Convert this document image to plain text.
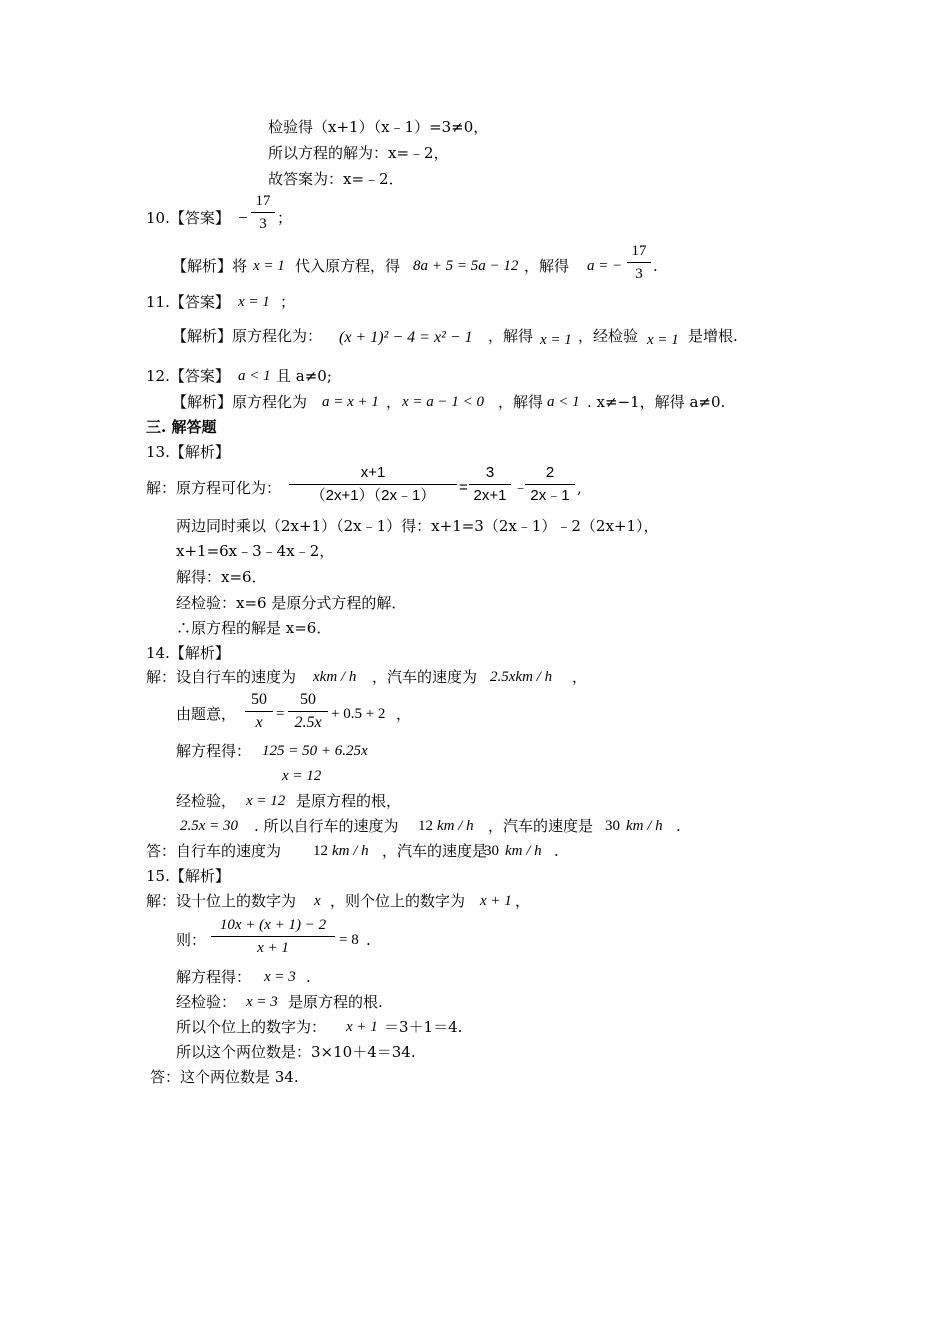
检验得（x+1）（x﹣1）=3≠0，
所以方程的解为：x=﹣2，
故答案为：x=﹣2．
10.【答案】 −
17
3 ；
【解析】将 x = 1 代入原方程，得 8a + 5 = 5a − 12 ，解得 a = −
17
3 .
11.【答案】 x = 1 ；
【解析】原方程化为： (x + 1)² − 4 = x² − 1 ，解得 x = 1 ，经检验 x = 1 是增根.
12.【答案】 a < 1 且 a≠0;
【解析】原方程化为 a = x + 1 ， x = a − 1 < 0 ，解得 a < 1 . x≠−1，解得 a≠0.
三. 解答题
13.【解析】
解：原方程可化为：
x+1
（2x+1）（2x﹣1）	=
3
2x+1 ﹣
2
2x﹣1 ,
两边同时乘以（2x+1）（2x﹣1）得：x+1=3（2x﹣1）﹣2（2x+1），
x+1=6x﹣3﹣4x﹣2，
解得：x=6．
经检验：x=6 是原分式方程的解．
∴原方程的解是 x=6．
14.【解析】
解：设自行车的速度为 xkm / h ，汽车的速度为 2.5xkm / h ，
由题意，
50
x =
50
2.5x + 0.5 + 2 ，
解方程得： 125 = 50 + 6.25x
x = 12
经检验， x = 12 是原方程的根，
2.5x = 30 . 所以自行车的速度为 12 km / h ，汽车的速度是 30 km / h .
答：自行车的速度为 12 km / h ，汽车的速度是
30 km / h .
15.【解析】
解：设十位上的数字为 x ，则个位上的数字为 x + 1 ，
则：
10x + (x + 1) − 2
x + 1	= 8 .
解方程得： x = 3 .
经检验： x = 3 是原方程的根.
所以个位上的数字为： x + 1 ＝3＋1＝4.
所以这个两位数是：3×10＋4＝34.
答：这个两位数是 34.
